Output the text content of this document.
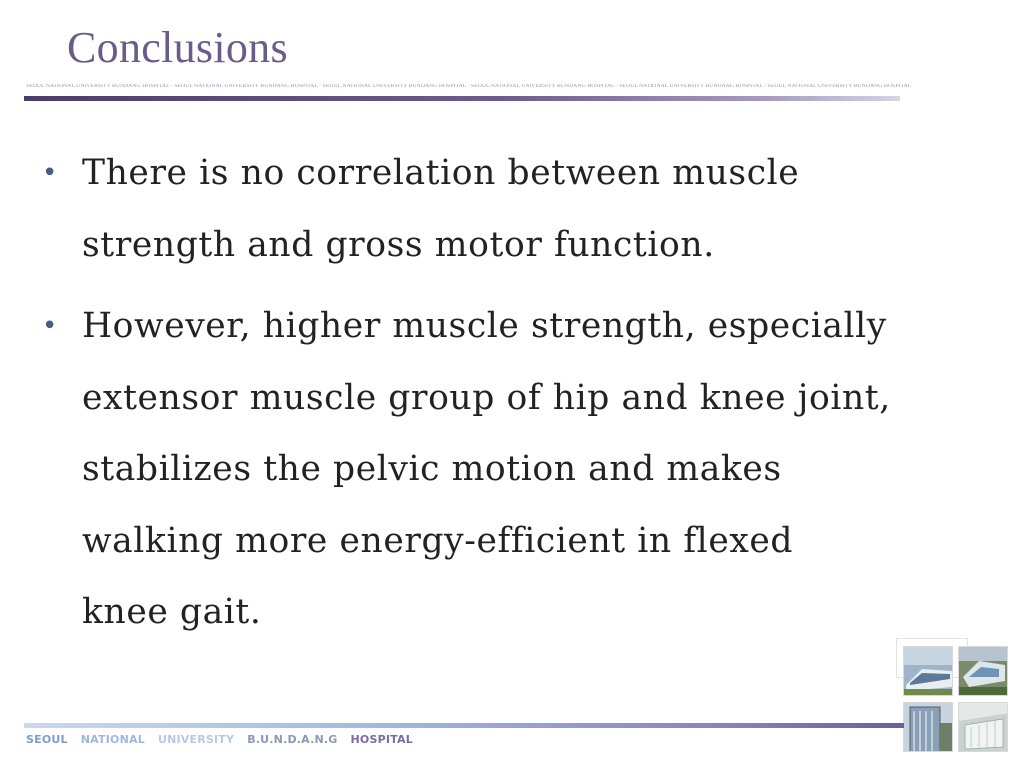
Conclusions
SEOUL NATIONAL UNIVERSITY BUNDANG HOSPITAL · SEOUL NATIONAL UNIVERSITY BUNDANG HOSPITAL · SEOUL NATIONAL UNIVERSITY BUNDANG HOSPITAL · SEOUL NATIONAL UNIVERSITY BUNDANG HOSPITAL · SEOUL NATIONAL UNIVERSITY BUNDANG HOSPITAL · SEOUL NATIONAL UNIVERSITY BUNDANG HOSPITAL
• There is no correlation between muscle
strength and gross motor function.
• However, higher muscle strength, especially
extensor muscle group of hip and knee joint,
stabilizes the pelvic motion and makes
walking more energy-efficient in flexed
knee gait.
SEOUL NATIONAL UNIVERSITY B.U.N.D.A.N.G HOSPITAL
